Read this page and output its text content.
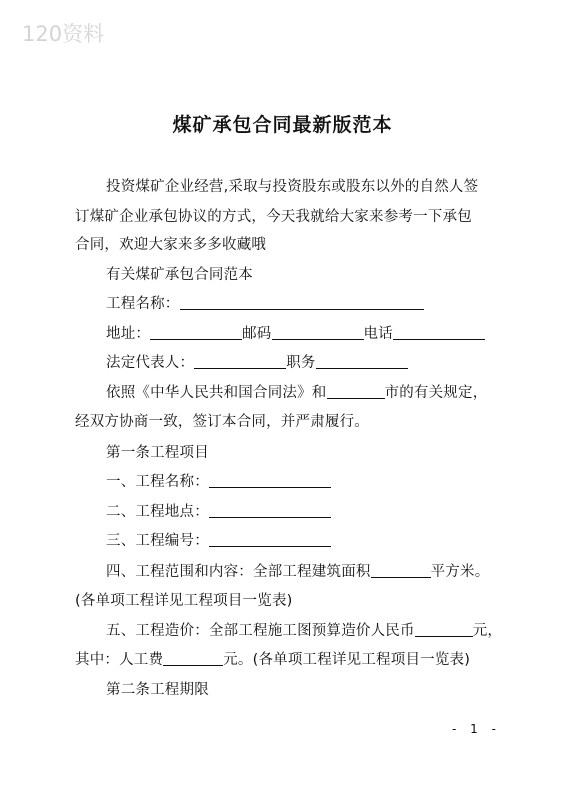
120资料
煤矿承包合同最新版范本
投资煤矿企业经营,采取与投资股东或股东以外的自然人签
订煤矿企业承包协议的方式，今天我就给大家来参考一下承包
合同，欢迎大家来多多收藏哦
有关煤矿承包合同范本
工程名称：
地址：	邮码	电话
法定代表人：	职务
依照《中华人民共和国合同法》和	市的有关规定，
经双方协商一致，签订本合同，并严肃履行。
第一条工程项目
一、工程名称：
二、工程地点：
三、工程编号：
四、工程范围和内容：全部工程建筑面积	平方米。
(各单项工程详见工程项目一览表)
五、工程造价：全部工程施工图预算造价人民币	元，
其中：人工费	元。(各单项工程详见工程项目一览表)
第二条工程期限
- 1 -
